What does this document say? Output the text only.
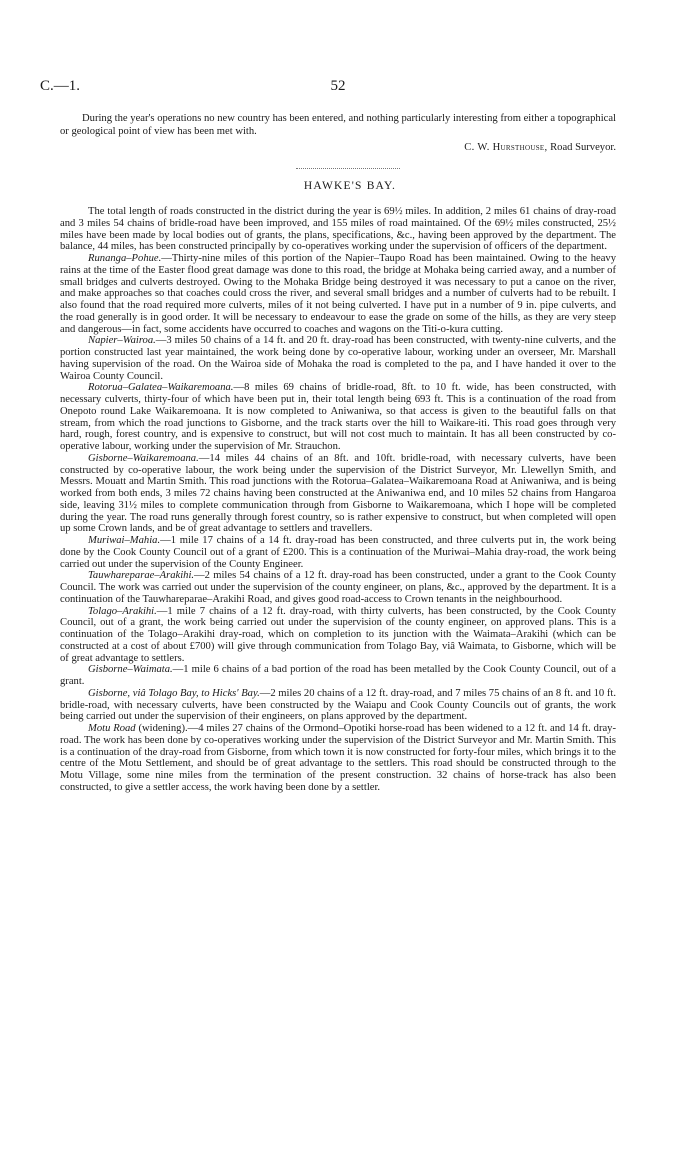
C.—1.	52

During the year's operations no new country has been entered, and nothing particularly interesting from either a topographical or geological point of view has been met with.

C. W. Hursthouse, Road Surveyor.
HAWKE'S BAY.

The total length of roads constructed in the district during the year is 69½ miles. In addition, 2 miles 61 chains of dray-road and 3 miles 54 chains of bridle-road have been improved, and 155 miles of road maintained. Of the 69½ miles constructed, 25½ miles have been made by local bodies out of grants, the plans, specifications, &c., having been approved by the department. The balance, 44 miles, has been constructed principally by co-operatives working under the supervision of officers of the department.

Runanga–Pohue.—Thirty-nine miles of this portion of the Napier–Taupo Road has been maintained. Owing to the heavy rains at the time of the Easter flood great damage was done to this road, the bridge at Mohaka being carried away, and a number of small bridges and culverts destroyed. Owing to the Mohaka Bridge being destroyed it was necessary to put a canoe on the river, and make approaches so that coaches could cross the river, and several small bridges and a number of culverts had to be rebuilt. I also found that the road required more culverts, miles of it not being culverted. I have put in a number of 9 in. pipe culverts, and the road generally is in good order. It will be necessary to endeavour to ease the grade on some of the hills, as they are very steep and dangerous—in fact, some accidents have occurred to coaches and wagons on the Titi-o-kura cutting.

Napier–Wairoa.—3 miles 50 chains of a 14 ft. and 20 ft. dray-road has been constructed, with twenty-nine culverts, and the portion constructed last year maintained, the work being done by co-operative labour, working under an overseer, Mr. Marshall having supervision of the road. On the Wairoa side of Mohaka the road is completed to the pa, and I have handed it over to the Wairoa County Council.

Rotorua–Galatea–Waikaremoana.—8 miles 69 chains of bridle-road, 8ft. to 10 ft. wide, has been constructed, with necessary culverts, thirty-four of which have been put in, their total length being 693 ft. This is a continuation of the road from Onepoto round Lake Waikaremoana. It is now completed to Aniwaniwa, so that access is given to the beautiful falls on that stream, from which the road junctions to Gisborne, and the track starts over the hill to Waikare-iti. This road goes through very hard, rough, forest country, and is expensive to construct, but will not cost much to maintain. It has all been constructed by co-operative labour, working under the supervision of Mr. Strauchon.

Gisborne–Waikaremoana.—14 miles 44 chains of an 8ft. and 10ft. bridle-road, with necessary culverts, have been constructed by co-operative labour, the work being under the supervision of the District Surveyor, Mr. Llewellyn Smith, and Messrs. Mouatt and Martin Smith. This road junctions with the Rotorua–Galatea–Waikaremoana Road at Aniwaniwa, and is being worked from both ends, 3 miles 72 chains having been constructed at the Aniwaniwa end, and 10 miles 52 chains from Hangaroa side, leaving 31½ miles to complete communication through from Gisborne to Waikaremoana, which I hope will be completed during the year. The road runs generally through forest country, so is rather expensive to construct, but when completed will open up some Crown lands, and be of great advantage to settlers and travellers.

Muriwai–Mahia.—1 mile 17 chains of a 14 ft. dray-road has been constructed, and three culverts put in, the work being done by the Cook County Council out of a grant of £200. This is a continuation of the Muriwai–Mahia dray-road, the work being carried out under the supervision of the County Engineer.

Tauwhareparae–Arakihi.—2 miles 54 chains of a 12 ft. dray-road has been constructed, under a grant to the Cook County Council. The work was carried out under the supervision of the county engineer, on plans, &c., approved by the department. It is a continuation of the Tauwhareparae–Arakihi Road, and gives good road-access to Crown tenants in the neighbourhood.

Tolago–Arakihi.—1 mile 7 chains of a 12 ft. dray-road, with thirty culverts, has been constructed, by the Cook County Council, out of a grant, the work being carried out under the supervision of the county engineer, on approved plans. This is a continuation of the Tolago–Arakihi dray-road, which on completion to its junction with the Waimata–Arakihi (which can be constructed at a cost of about £700) will give through communication from Tolago Bay, viâ Waimata, to Gisborne, which will be of great advantage to settlers.

Gisborne–Waimata.—1 mile 6 chains of a bad portion of the road has been metalled by the Cook County Council, out of a grant.

Gisborne, viâ Tolago Bay, to Hicks' Bay.—2 miles 20 chains of a 12 ft. dray-road, and 7 miles 75 chains of an 8 ft. and 10 ft. bridle-road, with necessary culverts, have been constructed by the Waiapu and Cook County Councils out of grants, the work being carried out under the supervision of their engineers, on plans approved by the department.

Motu Road (widening).—4 miles 27 chains of the Ormond–Opotiki horse-road has been widened to a 12 ft. and 14 ft. dray-road. The work has been done by co-operatives working under the supervision of the District Surveyor and Mr. Martin Smith. This is a continuation of the dray-road from Gisborne, from which town it is now constructed for forty-four miles, which brings it to the centre of the Motu Settlement, and should be of great advantage to the settlers. This road should be constructed through to the Motu Village, some nine miles from the termination of the present construction. 32 chains of horse-track has also been constructed, to give a settler access, the work having been done by a settler.
